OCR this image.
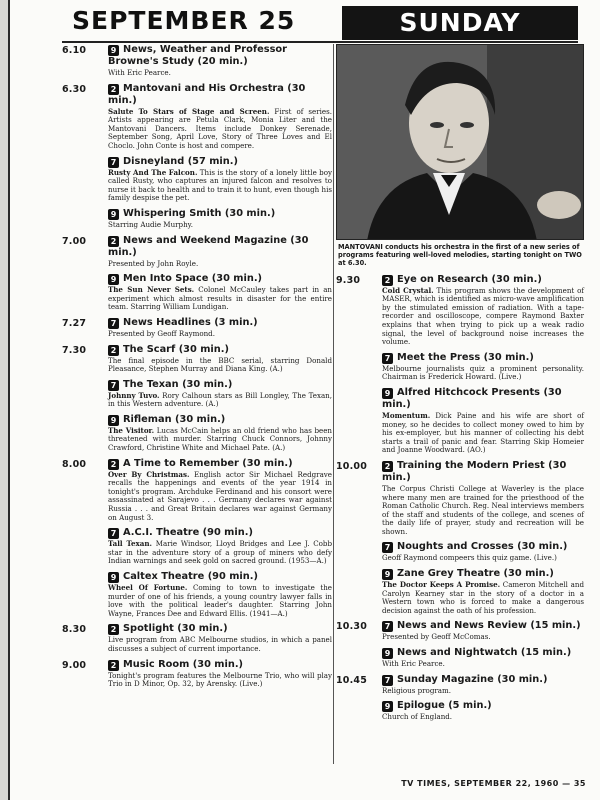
SEPTEMBER 25	SUNDAY
6.10	9 News, Weather and Professor Browne's Study (20 min.)
With Eric Pearce.
6.30	2 Mantovani and His Orchestra (30 min.)
Salute To Stars of Stage and Screen. First of series. Artists appearing are Petula Clark, Monia Liter and the Mantovani Dancers. Items include Donkey Serenade, September Song, April Love, Story of Three Loves and El Choclo. John Conte is host and compere.
7 Disneyland (57 min.)
Rusty And The Falcon. This is the story of a lonely little boy called Rusty, who captures an injured falcon and resolves to nurse it back to health and to train it to hunt, even though his family despise the pet.
9 Whispering Smith (30 min.)
Starring Audie Murphy.
7.00	2 News and Weekend Magazine (30 min.)
Presented by John Royle.
9 Men Into Space (30 min.)
The Sun Never Sets. Colonel McCauley takes part in an experiment which almost results in disaster for the entire team. Starring William Lundigan.
7.27	7 News Headlines (3 min.)
Presented by Geoff Raymond.
7.30	2 The Scarf (30 min.)
The final episode in the BBC serial, starring Donald Pleasance, Stephen Murray and Diana King. (A.)
7 The Texan (30 min.)
Johnny Tuvo. Rory Calhoun stars as Bill Longley, The Texan, in this Western adventure. (A.)
9 Rifleman (30 min.)
The Visitor. Lucas McCain helps an old friend who has been threatened with murder. Starring Chuck Connors, Johnny Crawford, Christine White and Michael Pate. (A.)
8.00	2 A Time to Remember (30 min.)
Over By Christmas. English actor Sir Michael Redgrave recalls the happenings and events of the year 1914 in tonight's program. Archduke Ferdinand and his consort were assassinated at Sarajevo . . . Germany declares war against Russia . . . and Great Britain declares war against Germany on August 3.
7 A.C.I. Theatre (90 min.)
Tall Texan. Marie Windsor, Lloyd Bridges and Lee J. Cobb star in the adventure story of a group of miners who defy Indian warnings and seek gold on sacred ground. (1953—A.)
9 Caltex Theatre (90 min.)
Wheel Of Fortune. Coming to town to investigate the murder of one of his friends, a young country lawyer falls in love with the political leader's daughter. Starring John Wayne, Frances Dee and Edward Ellis. (1941—A.)
8.30	2 Spotlight (30 min.)
Live program from ABC Melbourne studios, in which a panel discusses a subject of current importance.
9.00	2 Music Room (30 min.)
Tonight's program features the Melbourne Trio, who will play Trio in D Minor, Op. 32, by Arensky. (Live.)
MANTOVANI conducts his orchestra in the first of a new series of programs featuring well-loved melodies, starting tonight on TWO at 6.30.
9.30	2 Eye on Research (30 min.)
Cold Crystal. This program shows the development of MASER, which is identified as micro-wave amplification by the stimulated emission of radiation. With a tape-recorder and oscilloscope, compere Raymond Baxter explains that when trying to pick up a weak radio signal, the level of background noise increases the volume.
7 Meet the Press (30 min.)
Melbourne journalists quiz a prominent personality. Chairman is Frederick Howard. (Live.)
9 Alfred Hitchcock Presents (30 min.)
Momentum. Dick Paine and his wife are short of money, so he decides to collect money owed to him by his ex-employer, but his manner of collecting his debt starts a trail of panic and fear. Starring Skip Homeier and Joanne Woodward. (AO.)
10.00	2 Training the Modern Priest (30 min.)
The Corpus Christi College at Waverley is the place where many men are trained for the priesthood of the Roman Catholic Church. Reg. Neal interviews members of the staff and students of the college, and scenes of the daily life of prayer, study and recreation will be shown.
7 Noughts and Crosses (30 min.)
Geoff Raymond compeers this quiz game. (Live.)
9 Zane Grey Theatre (30 min.)
The Doctor Keeps A Promise. Cameron Mitchell and Carolyn Kearney star in the story of a doctor in a Western town who is forced to make a dangerous decision against the oath of his profession.
10.30	7 News and News Review (15 min.)
Presented by Geoff McComas.
9 News and Nightwatch (15 min.)
With Eric Pearce.
10.45	7 Sunday Magazine (30 min.)
Religious program.
9 Epilogue (5 min.)
Church of England.
TV TIMES, SEPTEMBER 22, 1960 — 35
